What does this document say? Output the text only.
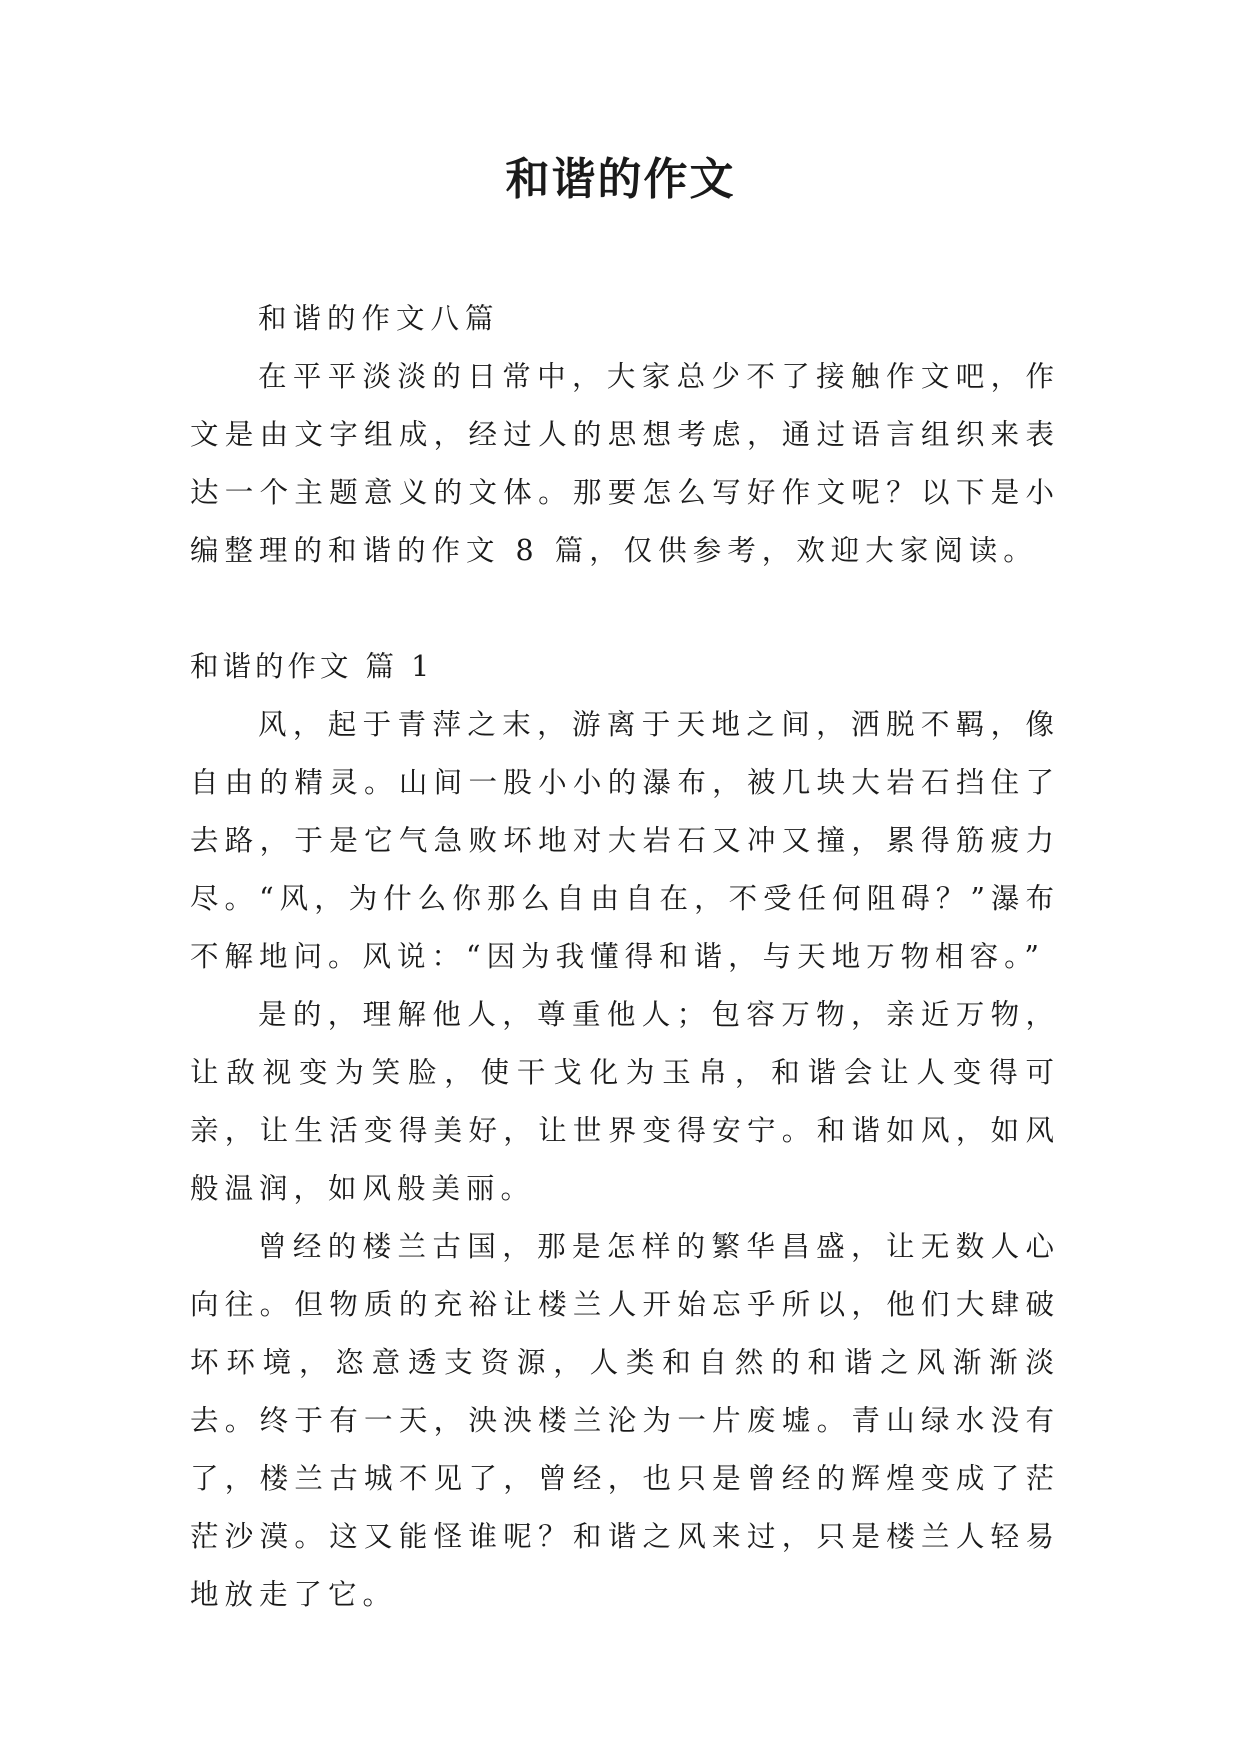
和谐的作文

和谐的作文八篇

在平平淡淡的日常中，大家总少不了接触作文吧，作文是由文字组成，经过人的思想考虑，通过语言组织来表达一个主题意义的文体。那要怎么写好作文呢？以下是小编整理的和谐的作文 8 篇，仅供参考，欢迎大家阅读。

和谐的作文 篇 1

风，起于青萍之末，游离于天地之间，洒脱不羁，像自由的精灵。山间一股小小的瀑布，被几块大岩石挡住了去路，于是它气急败坏地对大岩石又冲又撞，累得筋疲力尽。“风，为什么你那么自由自在，不受任何阻碍？”瀑布不解地问。风说：“因为我懂得和谐，与天地万物相容。”

是的，理解他人，尊重他人；包容万物，亲近万物，让敌视变为笑脸，使干戈化为玉帛，和谐会让人变得可亲，让生活变得美好，让世界变得安宁。和谐如风，如风般温润，如风般美丽。

曾经的楼兰古国，那是怎样的繁华昌盛，让无数人心向往。但物质的充裕让楼兰人开始忘乎所以，他们大肆破坏环境，恣意透支资源，人类和自然的和谐之风渐渐淡去。终于有一天，泱泱楼兰沦为一片废墟。青山绿水没有了，楼兰古城不见了，曾经，也只是曾经的辉煌变成了茫茫沙漠。这又能怪谁呢？和谐之风来过，只是楼兰人轻易地放走了它。
